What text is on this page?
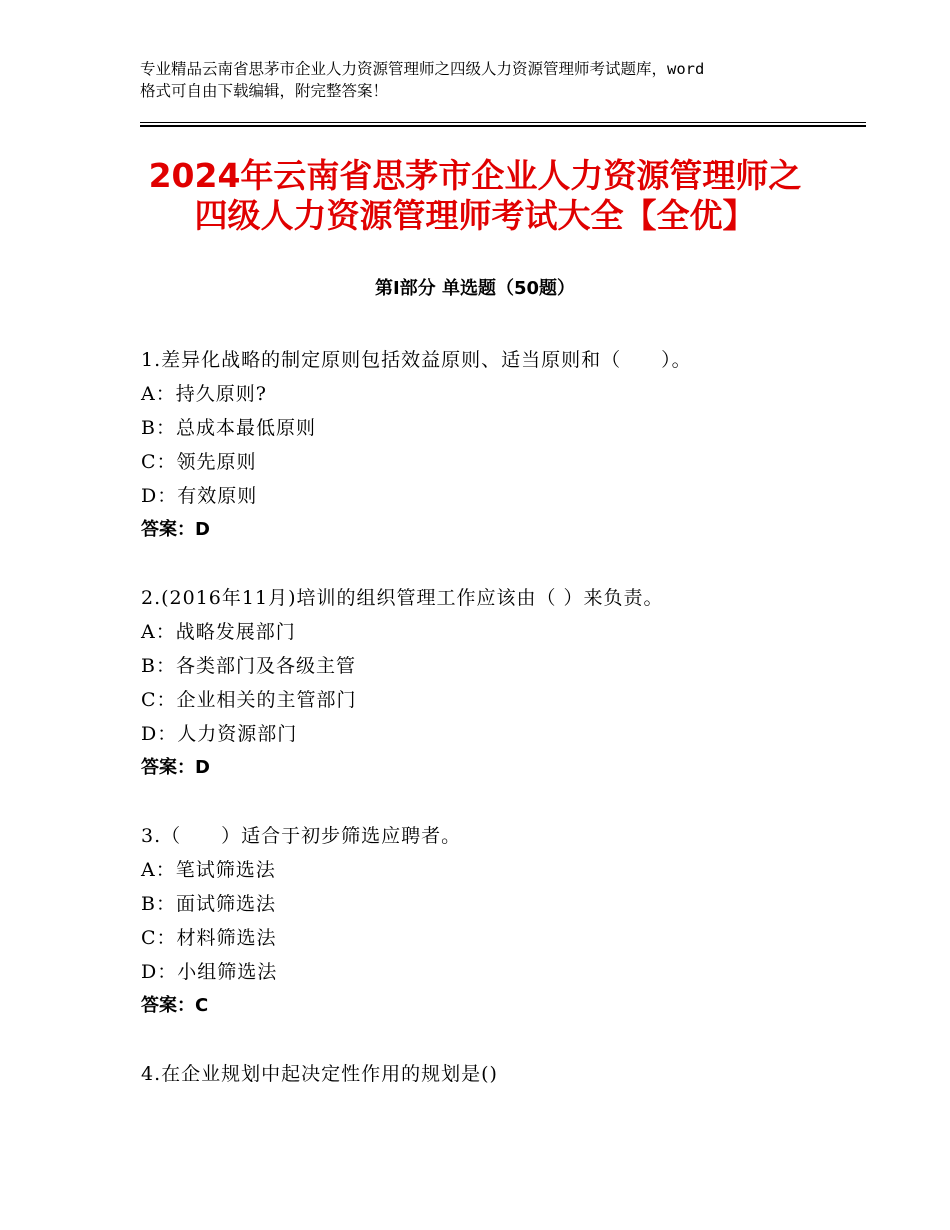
专业精品云南省思茅市企业人力资源管理师之四级人力资源管理师考试题库，word
格式可自由下载编辑，附完整答案！
2024年云南省思茅市企业人力资源管理师之
四级人力资源管理师考试大全【全优】
第Ⅰ部分 单选题（50题）
1.差异化战略的制定原则包括效益原则、适当原则和（　　）。
A：持久原则?
B：总成本最低原则
C：领先原则
D：有效原则
答案：D
2.(2016年11月)培训的组织管理工作应该由（ ）来负责。
A：战略发展部门
B：各类部门及各级主管
C：企业相关的主管部门
D：人力资源部门
答案：D
3.（　　）适合于初步筛选应聘者。
A：笔试筛选法
B：面试筛选法
C：材料筛选法
D：小组筛选法
答案：C
4.在企业规划中起决定性作用的规划是()
